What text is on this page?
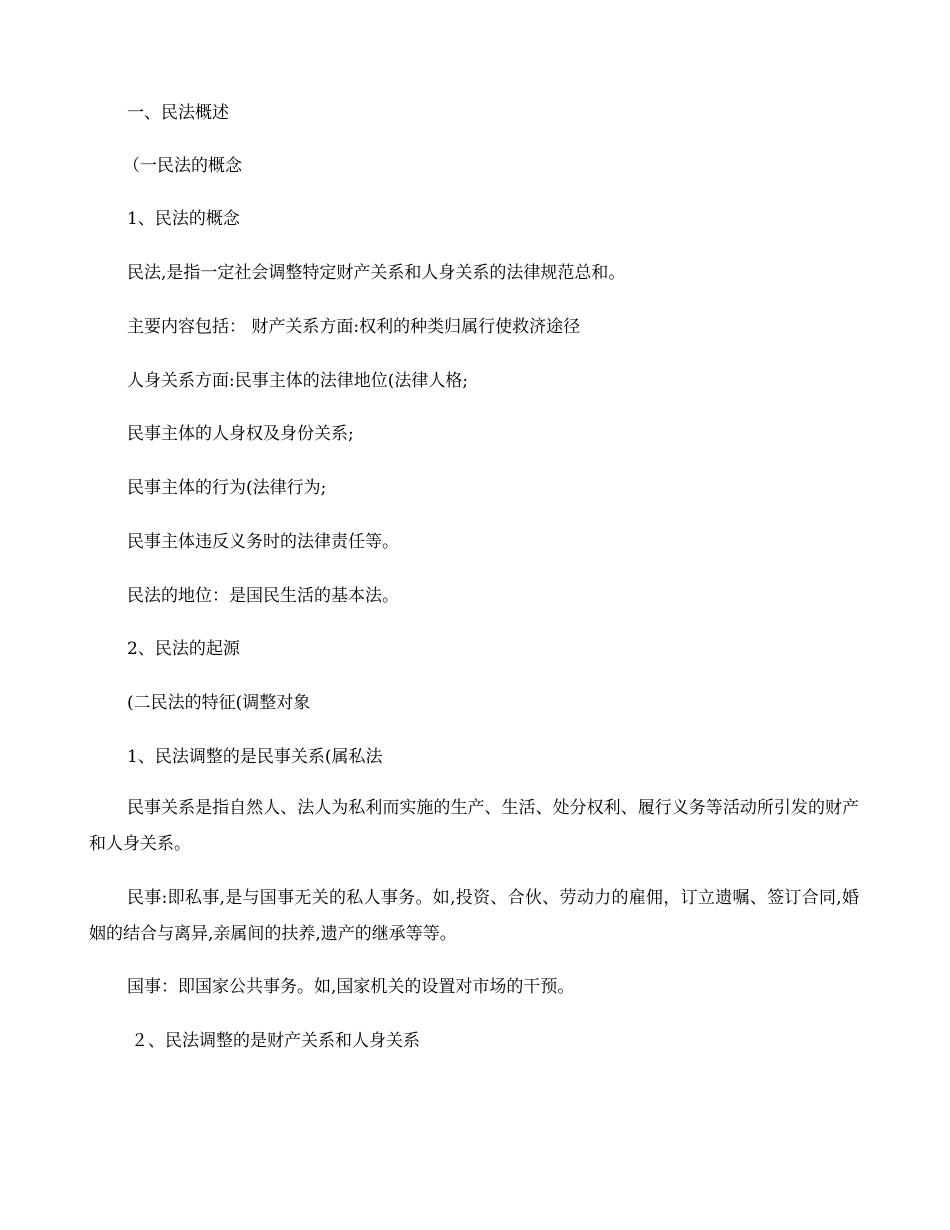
一、民法概述
（一民法的概念
1、民法的概念
民法,是指一定社会调整特定财产关系和人身关系的法律规范总和。
主要内容包括： 财产关系方面:权利的种类归属行使救济途径
人身关系方面:民事主体的法律地位(法律人格;
民事主体的人身权及身份关系;
民事主体的行为(法律行为;
民事主体违反义务时的法律责任等。
民法的地位：是国民生活的基本法。
2、民法的起源
(二民法的特征(调整对象
1、民法调整的是民事关系(属私法
民事关系是指自然人、法人为私利而实施的生产、生活、处分权利、履行义务等活动所引发的财产和人身关系。
民事:即私事,是与国事无关的私人事务。如,投资、合伙、劳动力的雇佣，订立遗嘱、签订合同,婚姻的结合与离异,亲属间的扶养,遗产的继承等等。
国事：即国家公共事务。如,国家机关的设置对市场的干预。
２、民法调整的是财产关系和人身关系
